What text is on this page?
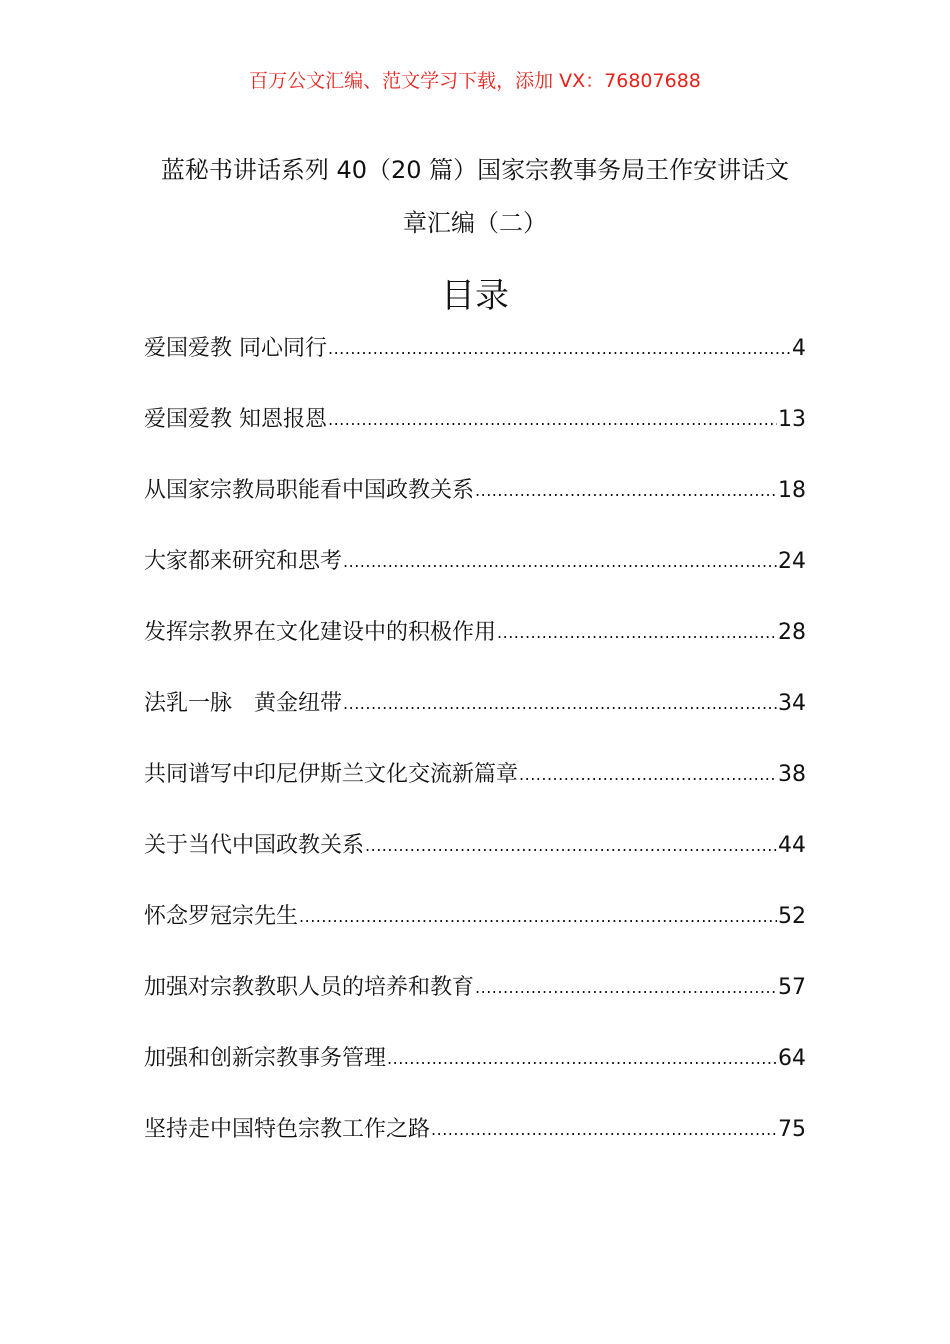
百万公文汇编、范文学习下载，添加 VX：76807688
蓝秘书讲话系列 40（20 篇）国家宗教事务局王作安讲话文
章汇编（二）
目录
爱国爱教 同心同行 .....	4
爱国爱教 知恩报恩 .....	13
从国家宗教局职能看中国政教关系 .....	18
大家都来研究和思考 .....	24
发挥宗教界在文化建设中的积极作用 .....	28
法乳一脉　黄金纽带 .....	34
共同谱写中印尼伊斯兰文化交流新篇章 .....	38
关于当代中国政教关系 .....	44
怀念罗冠宗先生 .....	52
加强对宗教教职人员的培养和教育 .....	57
加强和创新宗教事务管理 .....	64
坚持走中国特色宗教工作之路 .....	75
